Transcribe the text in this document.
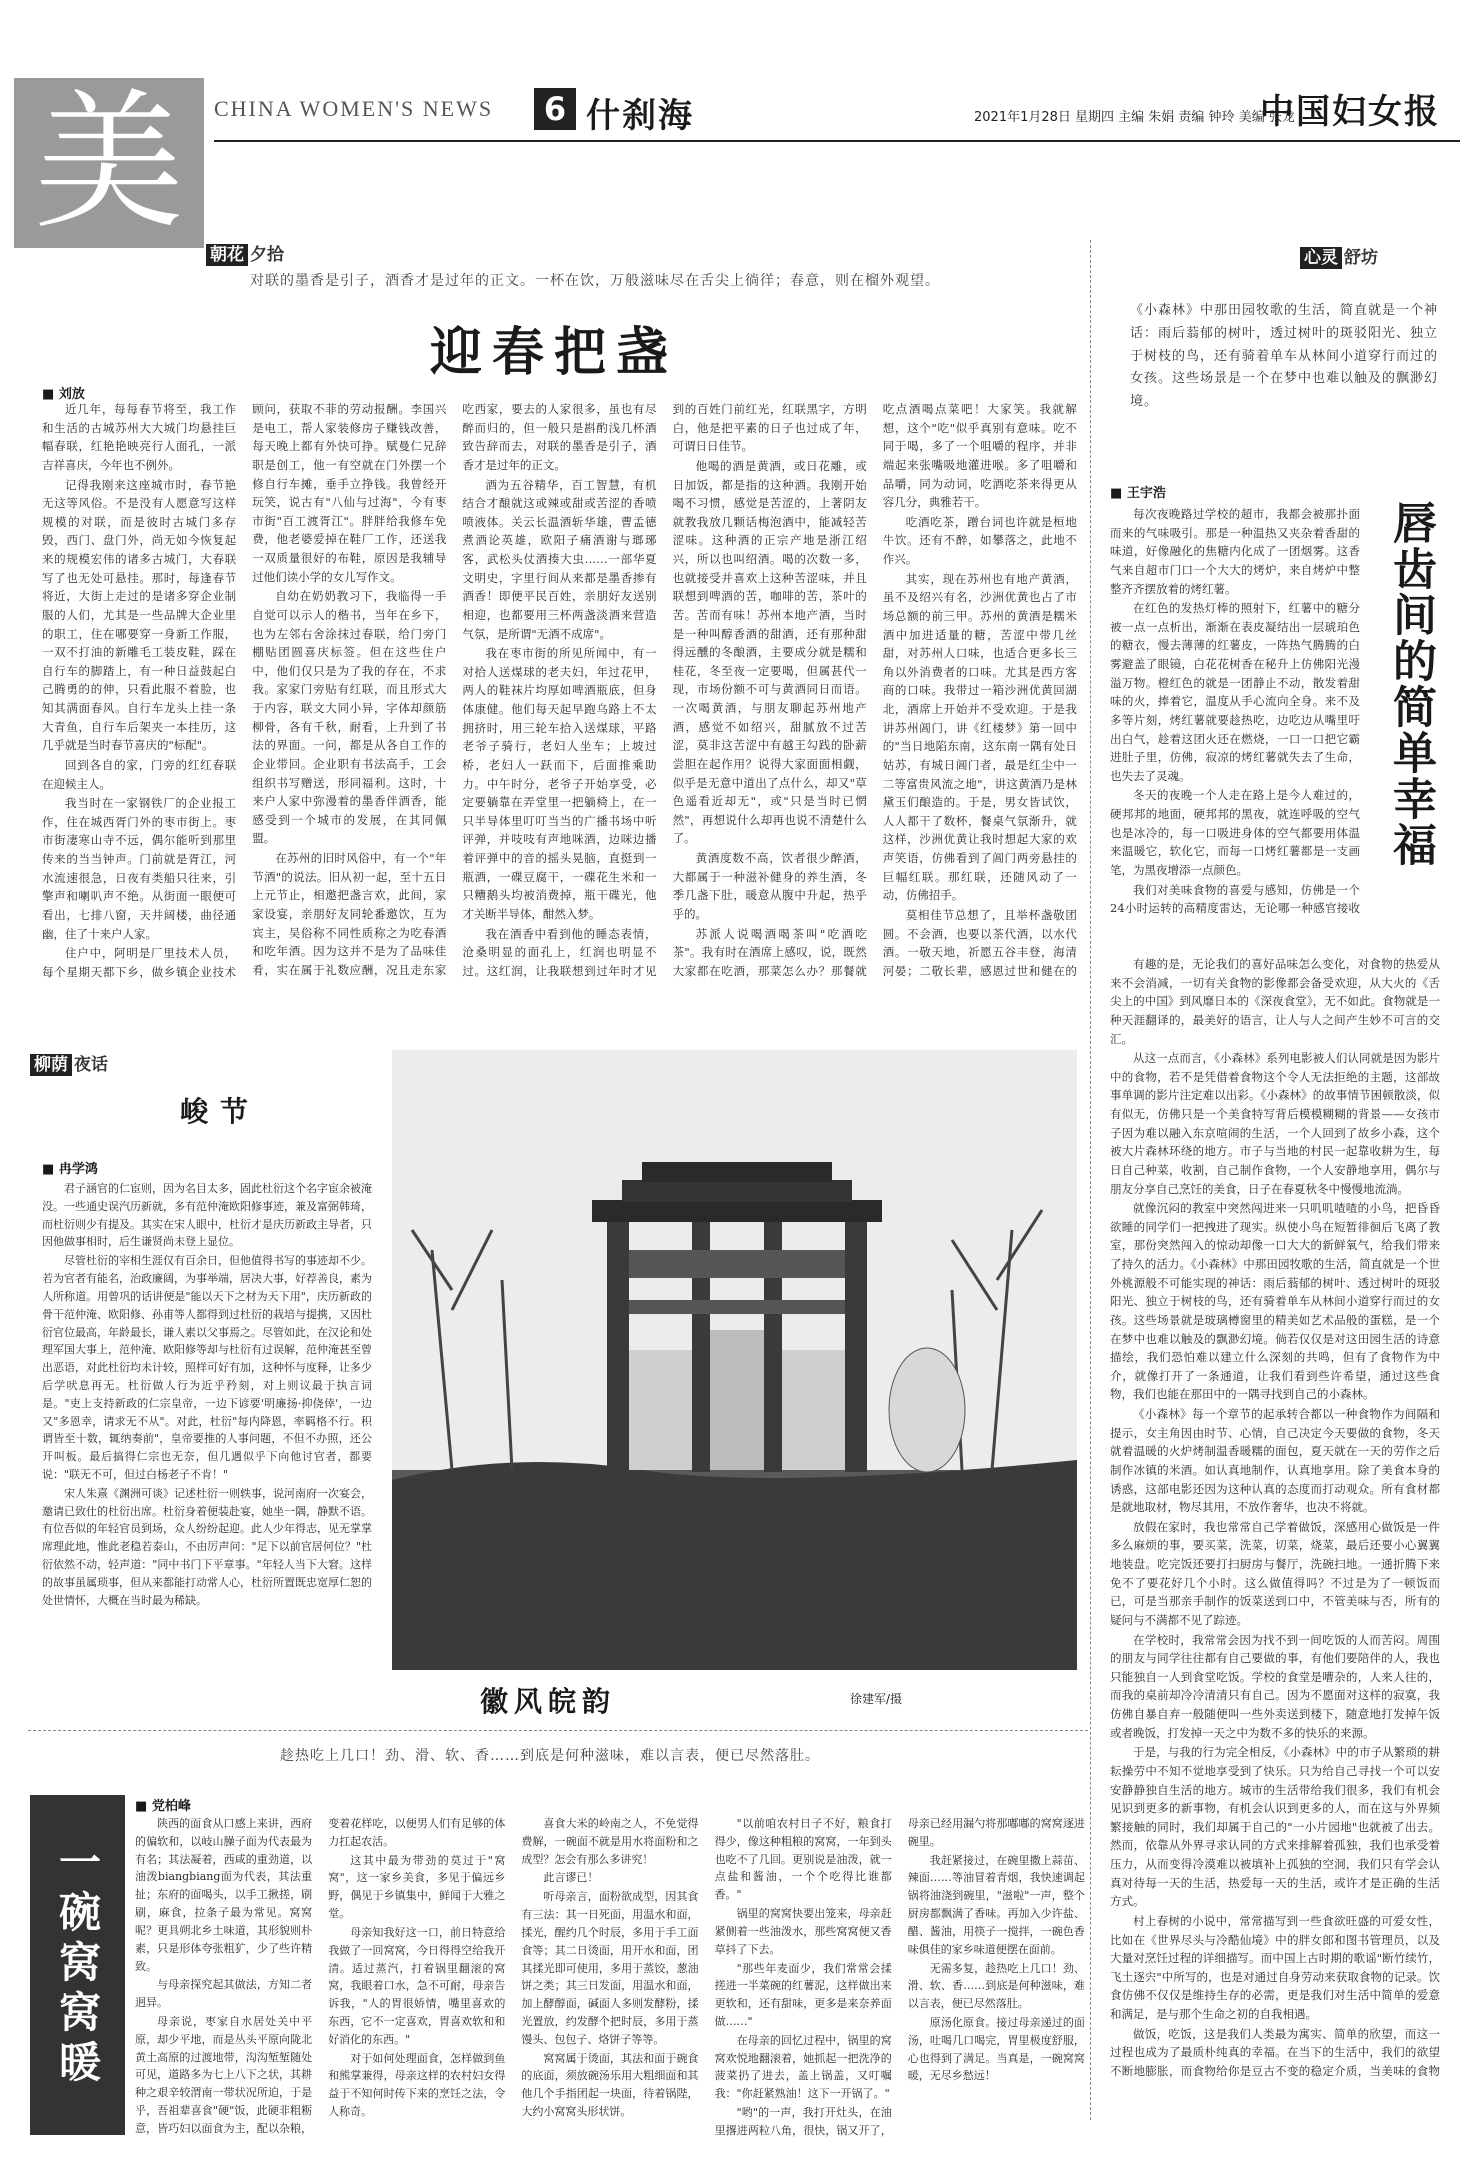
美	CHINA WOMEN'S NEWS	6 什刹海	2021年1月28日 星期四 主编 朱娟 责编 钟玲 美编 张龙
中国妇女报
朝花 夕拾
对联的墨香是引子，酒香才是过年的正文。一杯在饮，万般滋味尽在舌尖上徜徉；春意，则在榴外观望。
迎春把盏
■ 刘放

近几年，每每春节将至，我工作和生活的古城苏州大大城门均悬挂巨幅春联，红艳艳映亮行人面孔，一派吉祥喜庆，今年也不例外。

记得我刚来这座城市时，春节艳无这等风俗。不是没有人愿意写这样规模的对联，而是彼时古城门多存毁，西门、盘门外，尚无如今恢复起来的规模宏伟的诸多古城门，大春联写了也无处可悬挂。那时，每逢春节将近，大街上走过的是诸多穿企业制服的人们，尤其是一些品牌大企业里的职工，住在哪要穿一身新工作服，一双不打油的新雕毛工装皮鞋，踩在自行车的脚踏上，有一种日益鼓起白己腾勇的的伸，只看此服不着脸，也知其满面春风。自行车龙头上挂一条大青鱼，自行车后架夹一本挂历，这几乎就是当时春节喜庆的"标配"。

回到各自的家，门旁的红红春联在迎候主人。

我当时在一家钢铁厂的企业报工作，住在城西胥门外的枣市街上。枣市街凄寒山寺不远，偶尔能听到那里传来的当当钟声。门前就是胥江，河水流速很急，日夜有类船只往来，引擎声和喇叭声不绝。从街面一眼便可看出，七排八窗，天井阔楼，曲径通幽，住了十来户人家。

住户中，阿明是厂里技术人员，每个星期天都下乡，做乡镇企业技术顾问，获取不菲的劳动报酬。李国兴是电工，帮人家装修房子赚钱改善，每天晚上都有外快可挣。赋曼仁兄辞职是创工，他一有空就在门外摆一个修自行车摊，垂手立挣钱。我曾经开玩笑，说古有"八仙与过海"，今有枣市街"百工渡胥江"。胖胖给我修车免费，他老婆爱掉在鞋厂工作，还送我一双质量很好的布鞋，原因是我辅导过他们读小学的女儿写作文。

自幼在奶奶教习下，我临得一手自觉可以示人的楷书，当年在乡下，也为左邻右舍涂抹过春联，给门旁门棚贴团圆喜庆标签。但在这些住户中，他们仅只是为了我的存在，不求我。家家门旁贴有红联，而且形式大于内容，联文大同小异，字体却颜筋柳骨，各有千秋，耐看，上升到了书法的界面。一问，都是从各自工作的企业带回。企业职有书法高手，工会组织书写赠送，形同福利。这时，十来户人家中弥漫着的墨香伴酒香，能感受到一个城市的发展，在其同佩盟。

在苏州的旧时风俗中，有一个"年节酒"的说法。旧从初一起，至十五日上元节止，相邀把盏言欢，此间，家家设宴，亲朋好友同轮番邀饮，互为宾主，吴俗称不同性质称之为吃春酒和吃年酒。因为这并不是为了品味佳肴，实在属于礼数应酬，况且走东家吃西家，要去的人家很多，虽也有尽醉而归的，但一般只是斟酌浅几杯酒致告辞而去，对联的墨香是引子，酒香才是过年的正文。

酒为五谷精华，百工智慧，有机结合才酿就这或辣或甜或苦涩的香喷喷液体。关云长温酒斩华雄，曹孟德煮酒论英雄，欧阳子痛酒谢与瑯琊客，武松头仗酒揍大虫……一部华夏文明史，字里行间从来都是墨香掺有酒香！即便平民百姓，亲朋好友送别相迎，也都要用三杯两盏淡酒来营造气氛，是所谓"无酒不成席"。

我在枣市街的所见所闻中，有一对拾人送煤球的老夫妇，年过花甲，两人的鞋袜片均厚如啤酒瓶底，但身体康健。他们每天起早跑乌路上不太拥挤时，用三轮车拾入送煤球，平路老爷子骑行，老妇人坐车；上坡过桥，老妇人一跃而下，后面推乘助力。中午时分，老爷子开始享受，必定要躺靠在弄堂里一把躺椅上，在一只半导体里叮叮当当的广播书场中听评弹，并吱吱有声地咪酒，边咪边播着评弹中的音的摇头晃脑，直挺到一瓶酒，一碟豆腐干，一碟花生米和一只糟鹅头均被消费掉，瓶干碟光，他才关断半导体，酣然入梦。

我在酒香中看到他的睡态表情，沧桑明显的面孔上，红润也明显不过。这红润，让我联想到过年时才见到的百姓门前红光，红联黑字，方明白，他是把平素的日子也过成了年，可谓日日佳节。

他喝的酒是黄酒，或日花雕，或日加饭，都是指的这种酒。我刚开始喝不习惯，感觉是苦涩的，上著阴友就教我放几颗话梅泡酒中，能减轻苦涩味。这种酒的正宗产地是浙江绍兴，所以也叫绍酒。喝的次数一多，也就接受并喜欢上这种苦涩味，并且联想到啤酒的苦，咖啡的苦，茶叶的苦。苦而有味！苏州本地产酒，当时是一种叫醇香酒的甜酒，还有那种甜得远醺的冬酿酒，主要成分就是糯和桂花，冬至夜一定要喝，但属甚代一现，市场份额不可与黄酒同日而语。一次喝黄酒，与朋友聊起苏州地产酒，感觉不如绍兴，甜腻放不过苦涩，莫非这苦涩中有越王勾践的卧薪尝胆在起作用？说得大家面面相觑，似乎是无意中道出了点什么，却又"草色遥看近却无"，或"只是当时已惘然"，再想说什么却再也说不清楚什么了。

黄酒度数不高，饮者很少醉酒，大都属于一种滋补健身的养生酒，冬季几盏下肚，暖意从腹中升起，热乎乎的。

苏派人说喝酒喝茶叫"吃酒吃茶"。我有时在酒席上感叹，说，既然大家都在吃酒，那菜怎么办？那餐就吃点酒喝点菜吧！大家笑。我就解想，这个"吃"似乎真别有意味。吃不同于喝，多了一个咀嚼的程序，并非端起来张嘴吸地灌进喉。多了咀嚼和品嚼，同为动词，吃酒吃茶来得更从容几分，典雅若干。

吃酒吃茶，蹭台词也许就是桓地牛饮。还有不醉，如攀落之，此地不作兴。

其实，现在苏州也有地产黄酒，虽不及绍兴有名，沙洲优黄也占了市场总额的前三甲。苏州的黄酒是糯米酒中加进适量的糖，苦涩中带几丝甜，对苏州人口味，也适合更多长三角以外消费者的口味。尤其是西方客商的口味。我带过一箱沙洲优黄回湖北，酒席上开始并不受欢迎。于是我讲苏州阊门，讲《红楼梦》第一回中的"当日地陷东南，这东南一隅有处日姑苏，有城日阊门者，最是红尘中一二等富贵风流之地"，讲这黄酒乃是林黛玉们酿造的。于是，男女皆试饮，人人都干了数杯，餐桌气氛渐升，就这样，沙洲优黄让我时想起大家的欢声笑语，仿佛看到了阊门两旁悬挂的巨幅红联。那红联，还随风动了一动，仿佛招手。

莫相佳节总想了，且举杯盏敬团圆。不会酒，也要以茶代酒，以水代酒。一敬天地，祈愿五谷丰登，海清河晏；二敬长辈，感恩过世和健在的

心灵 舒坊
《小森林》中那田园牧歌的生活，简直就是一个神话：雨后蓊郁的树叶，透过树叶的斑驳阳光、独立于树枝的鸟，还有骑着单车从林间小道穿行而过的女孩。这些场景是一个在梦中也难以触及的飘渺幻境。
■ 王宇浩
唇齿间的简单幸福

每次夜晚路过学校的超市，我都会被那扑面而来的气味吸引。那是一种温热又夹杂着香甜的味道，好像融化的焦糖内化成了一团烟雾。这香气来自超市门口一个大大的烤炉，来自烤炉中整整齐齐摆放着的烤红薯。

在红色的发热灯棒的照射下，红薯中的糖分被一点一点析出，渐渐在表皮凝结出一层琥珀色的糖衣，慢去薄薄的红薯皮，一阵热气腾腾的白雾避盖了眼镜，白花花树香在秘升上仿佛阳光漫溢万物。橙红色的就是一团静止不动，散发着甜味的火，捧着它，温度从手心流向全身。来不及多等片刻，烤红薯就要趁热吃，边吃边从嘴里吁出白气，趁着这团火还在燃烧，一口一口把它霸进肚子里，仿佛，寂凉的烤红薯就失去了生命，也失去了灵魂。

冬天的夜晚一个人走在路上是今人难过的，硬邦邦的地面，硬邦邦的黑夜，就连呼吸的空气也是冰冷的，每一口吸进身体的空气都要用体温来温暖它，软化它，而每一口烤红薯都是一支画笔，为黑夜增添一点颜色。

我们对美味食物的喜爱与感知，仿佛是一个24小时运转的高精度雷达，无论哪一种感官接收

有趣的是，无论我们的喜好品味怎么变化，对食物的热爱从来不会消减，一切有关食物的影像都会备受欢迎，从大火的《舌尖上的中国》到风靡日本的《深夜食堂》，无不如此。食物就是一种天涯翻译的，最美好的语言，让人与人之间产生妙不可言的交汇。

从这一点而言，《小森林》系列电影被人们认同就是因为影片中的食物，若不是凭借着食物这个令人无法拒绝的主题，这部故事单调的影片注定难以出彩。《小森林》的故事情节困顿散淡，似有似无，仿佛只是一个美食特写背后模模糊糊的背景——女孩市子因为难以融入东京喧闹的生活，一个人回到了故乡小森，这个被大片森林环绕的地方。市子与当地的村民一起靠收耕为生，每日自己种菜，收割，自己制作食物，一个人安静地享用，偶尔与朋友分享自己烹饪的美食，日子在春夏秋冬中慢慢地流淌。

就像沉闷的教室中突然闯进来一只叽叽喳喳的小鸟，把昏昏欲睡的同学们一把拽进了现实。纵使小鸟在短暂徘徊后飞离了教室，那份突然闯入的惊动却像一口大大的新鲜氧气，给我们带来了持久的活力。《小森林》中那田园牧歌的生活，简直就是一个世外桃源般不可能实现的神话：雨后蓊郁的树叶、透过树叶的斑驳阳光、独立于树枝的鸟，还有骑着单车从林间小道穿行而过的女孩。这些场景就是玻璃樽窗里的精美如艺术品般的蛋糕，是一个在梦中也难以触及的飘渺幻境。倘若仅仅是对这田园生活的诗意描绘，我们恐怕难以建立什么深刻的共鸣，但有了食物作为中介，就像打开了一条通道，让我们看到些许希望，通过这些食物，我们也能在那田中的一隅寻找到自己的小森林。

《小森林》每一个章节的起承转合都以一种食物作为间隔和提示，女主角因由时节、心情，自己决定今天要做的食物，冬天就着温暖的火炉烤制温香暖糯的面包，夏天就在一天的劳作之后制作冰镇的米酒。如认真地制作，认真地享用。除了美食本身的诱惑，这部电影还因为这种认真的态度而打动观众。所有食材都是就地取材，物尽其用，不放作奢华，也决不将就。

放假在家时，我也常常自己学着做饭，深感用心做饭是一件多么麻烦的事，要买菜，洗菜，切菜，烧菜，最后还要小心翼翼地装盘。吃完饭还要打扫厨房与餐厅，洗碗扫地。一通折腾下来免不了要花好几个小时。这么做值得吗？不过是为了一顿饭而已，可是当那亲手制作的饭菜送到口中，不管美味与否，所有的疑问与不满都不见了踪迹。

在学校时，我常常会因为找不到一间吃饭的人而苦闷。周围的朋友与同学往往都有自己要做的事，有他们要陪伴的人，我也只能独自一人到食堂吃饭。学校的食堂是嘈杂的，人来人往的，而我的桌前却冷冷清清只有自己。因为不愿面对这样的寂寞，我仿佛自暴自弃一般随便叫一些外卖送到楼下，随意地打发掉午饭或者晚饭，打发掉一天之中为数不多的快乐的来源。

于是，与我的行为完全相反，《小森林》中的市子从繁琐的耕耘操劳中不知不觉地享受到了快乐。只为给自己寻找一个可以安安静静独自生活的地方。城市的生活带给我们很多，我们有机会见识到更多的新事物，有机会认识到更多的人，而在这与外界频繁接触的同时，我们却属于自己的"一小片园地"也就被了出去。然而，依靠从外界寻求认同的方式来排解着孤独，我们也承受着压力，从而变得冷漠难以被填补上孤独的空洞，我们只有学会认真对待每一天的生活，热爱每一天的生活，或许才是正确的生活方式。

村上春树的小说中，常常描写到一些食欲旺盛的可爱女性，比如在《世界尽头与冷酷仙境》中的胖女郎和图书管理员，以及大量对烹饪过程的详细描写。而中国上古时期的歌谣"断竹续竹，飞土逐宍"中所写的，也是对通过自身劳动来获取食物的记录。饮食仿佛不仅仅是维持生存的必需，更是我们对生活中简单的爱意和满足，是与那个生命之初的自我相遇。

做饭，吃饭，这是我们人类最为寓实、简单的欣望，而这一过程也成为了最质朴纯真的幸福。在当下的生活中，我们的欲望不断地膨胀，而食物给你是豆古不变的稳定介质，当美味的食物

柳荫 夜话
峻节
■ 冉学鸿

君子涵官的仁宦则，因为名目太多，固此杜衍这个名字宦余被淹没。一些通史误汽历新就，多有范仲淹欧阳修事迹，兼及富弼韩琦，而杜衍则少有提及。其实在宋人眼中，杜衍才是庆历新政主导者，只因他做事相时，后生谦贤尚未登上显位。

尽管杜衍的宰相生涯仅有百余日，但他值得书写的事迹却不少。若为官者有能名，治政廉阔，为事举端，居决大事，好荐善良，素为人所称道。用曾巩的话讲便是"能以天下之材为天下用"，庆历新政的骨干范仲淹、欧阳修、孙甫等人都得到过杜衍的栽培与提携，又因杜衍官位最高，年龄最长，谦人素以父事焉之。尽管如此，在汉论和处理军国大事上，范仲淹、欧阳修等却与杜衍有过误解，范仲淹甚至曾出恶语，对此杜衍均未计较，照样可好有加，这种怀与度释，让多少后学吠息再无。杜衍做人行为近乎矜刻，对上则议最于执言词是。"吏上支持新政的仁宗皇帝，一边下谚要'明廉扬·抑侥倖'，一边又"多恩幸，请求无不从"。对此，杜衍"每内降恩，率羁格不行。积谓皆至十数，辄纳奏前"，皇帝要推的人事问题，不但不办照，还公开叫板。最后搞得仁宗也无奈，但几遇似乎下向他讨官者，都要说："联无不可，但过白杨老子不肯！"

宋人朱熹《渊洲可谈》记述杜衍一则轶事，说河南府一次宴会，邀请已致仕的杜衍出席。杜衍身着便装赴宴，她坐一隅，静默不语。有位吾似的年轻官员到场，众人纷纷起迎。此人少年得志，见无掌掌席理此地，惟此老稳若泰山，不由厉声问："足下以前官居何位？"杜衍依然不动，轻声道："同中书门下平章事。"年轻人当下大窘。这样的故事虽属琐事，但从来都能打动常人心，杜衍所置既忠宽厚仁恕的处世情怀，大概在当时最为稀缺。

徽风皖韵	徐建军/摄
趁热吃上几口！劲、滑、软、香……到底是何种滋味，难以言表，便已尽然落肚。
一碗窝窝暖
■ 党柏峰

陕西的面食从口感上来讲，西府的偏软和，以岐山臊子面为代表最为有名；其法凝着，西咸的重劲道，以油泼biangbiang面为代表，其法重扯；东府的面喝头，以手工揪搓，刷刷，麻食，拉条子最为常见。窝窝呢？更具朔北乡土味道，其形貌则朴素，只是形体夸张粗犷，少了些许精致。

与母亲探究起其做法，方知二者迥异。

母亲说，枣家自水居处关中平原，却少平地，而是丛头平原向陇北黄土高原的过渡地带，沟沟堑堑随处可见，道路多为七上八下之状，其耕种之艰辛较渭南一带状况所迫，于是乎，吾祖辈喜食"硬"饭，此硬非粗粝意，皆巧妇以面食为主，配以杂粮，变着花样吃，以便男人们有足够的体力扛起农活。

这其中最为带劲的莫过于"窝窝"，这一家乡美食，多见于偏远乡野，偶见于乡镇集中，鲜闻于大雅之堂。

母亲知我好这一口，前日特意给我做了一回窝窝，今日得得空给我开清。适过蒸汽，打着锅里翻滚的窝窝，我眼着口水，急不可耐，母亲告诉我，"人的胃很娇情，嘴里喜欢的东西，它不一定喜欢，胃喜欢软和和好消化的东西。"

对于如何处理面食，怎样做到鱼和熊掌兼得，母亲这样的农村妇女得益于不知何时传下来的烹饪之法，令人称奇。

喜食大米的岭南之人，不免觉得费解，一碗面不就是用水将面粉和之成型？怎会有那么多讲究！

此言谬已！

听母亲言，面粉欲成型，因其食有三法：其一日死面，用温水和面，揉光，醒约几个时辰，多用于手工面食等；其二日烫面，用开水和面，团其揉光即可使用，多用于蒸饺，葱油饼之类；其三日发面，用温水和面，加上酵醇面，碱面人多则发酵粉，揉光置放，约发酵个把时辰，多用于蒸馒头、包包子、烙饼子等等。

窝窝属于烫面，其法和面于碗食的底面，须放碗汤乐用大粗细面和其他几个手指团起一块面，待着锅陛，大约小窝窝头形状饼。

"以前咱农村日子不好，粮食打得少，像这种粗粮的窝窝，一年到头也吃不了几回。更别说是油泼，就一点盐和酱油，一个个吃得比谁都香。"

锅里的窝窝快要出笼来，母亲赶紧侧着一些油泼水，那些窝窝便又香草抖了下去。

"那些年麦面少，我们常常会揉搓进一半菜碗的红薯泥，这样做出来更软和，还有甜味，更多是来奈养面做……"

在母亲的回忆过程中，锅里的窝窝欢悦地翻滚着，她抓起一把洗净的菠菜扔了进去，盖上锅盖，又叮嘱我："你赶紧熟油！这下一开锅了。"

"哟"的一声，我打开灶头，在油里撂进两粒八角，很快，锅又开了，母亲已经用漏勺将那嘟嘟的窝窝逐进碗里。

我赶紧接过，在碗里撒上蒜苗、辣面……等油冒着青烟，我快速调起锅将油浇到碗里，"滋啦"一声，整个厨房都飘满了香味。再加入少许盐、醋、酱油，用筷子一搅拌，一碗色香味俱佳的家乡味道便摆在面前。

无需多复，趁热吃上几口！劲、滑、软、香……到底是何种滋味，难以言表，便已尽然落肚。

原汤化原食。接过母亲递过的面汤，吐喝几口喝完，胃里极度舒服，心也得到了满足。当真是，一碗窝窝暖，无尽乡愁远！
